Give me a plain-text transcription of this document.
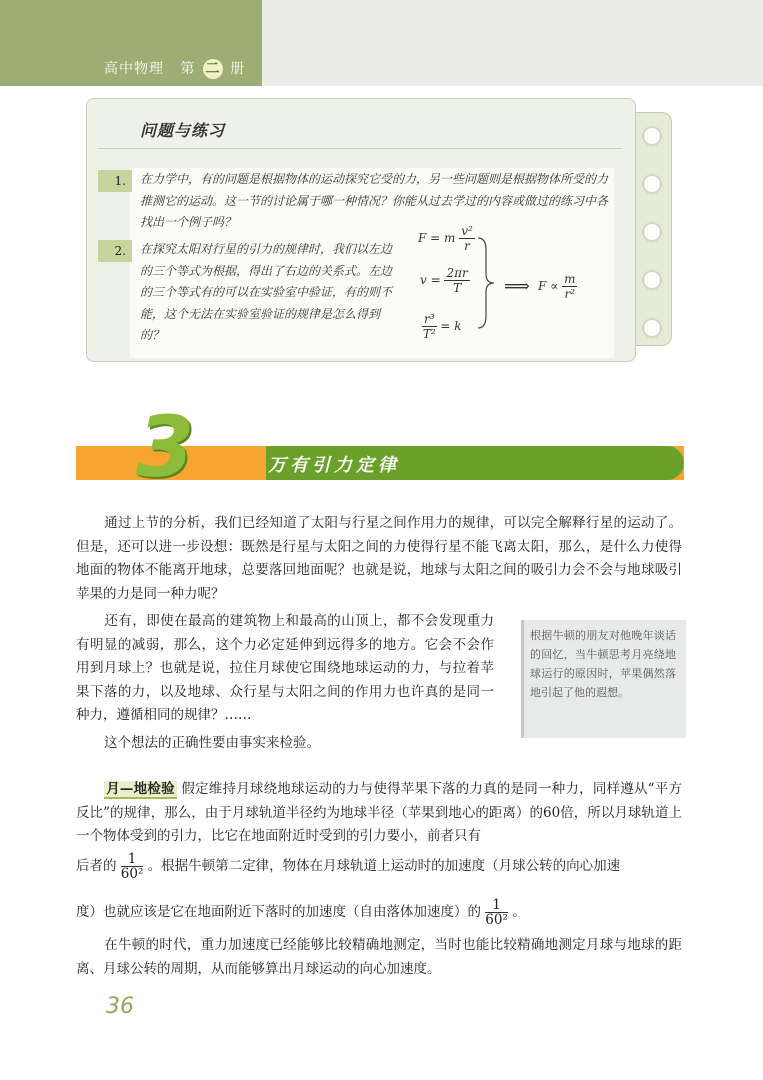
高中物理 第 二 册
问题与练习
1.	在力学中，有的问题是根据物体的运动探究它受的力，另一些问题则是根据物体所受的力推测它的运动。这一节的讨论属于哪一种情况？你能从过去学过的内容或做过的练习中各找出一个例子吗？
2.	在探究太阳对行星的引力的规律时，我们以左边的三个等式为根据，得出了右边的关系式。左边的三个等式有的可以在实验室中验证，有的则不能，这个无法在实验室验证的规律是怎么得到的？
F = m $\frac{\text{v²}}{r}$
$v = \frac{2\pi r}{T}$
$\frac{\text{r³}}{\text{T²}} = k$
⟹ $F \propto \frac{m}{\text{r²}}$
3	万有引力定律
通过上节的分析，我们已经知道了太阳与行星之间作用力的规律，可以完全解释行星的运动了。但是，还可以进一步设想：既然是行星与太阳之间的力使得行星不能飞离太阳，那么，是什么力使得地面的物体不能离开地球，总要落回地面呢？也就是说，地球与太阳之间的吸引力会不会与地球吸引苹果的力是同一种力呢？
还有，即使在最高的建筑物上和最高的山顶上，都不会发现重力有明显的减弱，那么，这个力必定延伸到远得多的地方。它会不会作用到月球上？也就是说，拉住月球使它围绕地球运动的力，与拉着苹果下落的力，以及地球、众行星与太阳之间的作用力也许真的是同一种力，遵循相同的规律？……
这个想法的正确性要由事实来检验。
根据牛顿的朋友对他晚年谈话的回忆，当牛顿思考月亮绕地球运行的原因时，苹果偶然落地引起了他的遐想。
月—地检验 假定维持月球绕地球运动的力与使得苹果下落的力真的是同一种力，同样遵从“平方反比”的规律，那么，由于月球轨道半径约为地球半径（苹果到地心的距离）的60倍，所以月球轨道上一个物体受到的引力，比它在地面附近时受到的引力要小，前者只有
后者的 $\frac{1}{\text{60²}}$ 。根据牛顿第二定律，物体在月球轨道上运动时的加速度（月球公转的向心加速
度）也就应该是它在地面附近下落时的加速度（自由落体加速度）的 $\frac{1}{\text{60²}}$ 。
在牛顿的时代，重力加速度已经能够比较精确地测定，当时也能比较精确地测定月球与地球的距离、月球公转的周期，从而能够算出月球运动的向心加速度。
36
